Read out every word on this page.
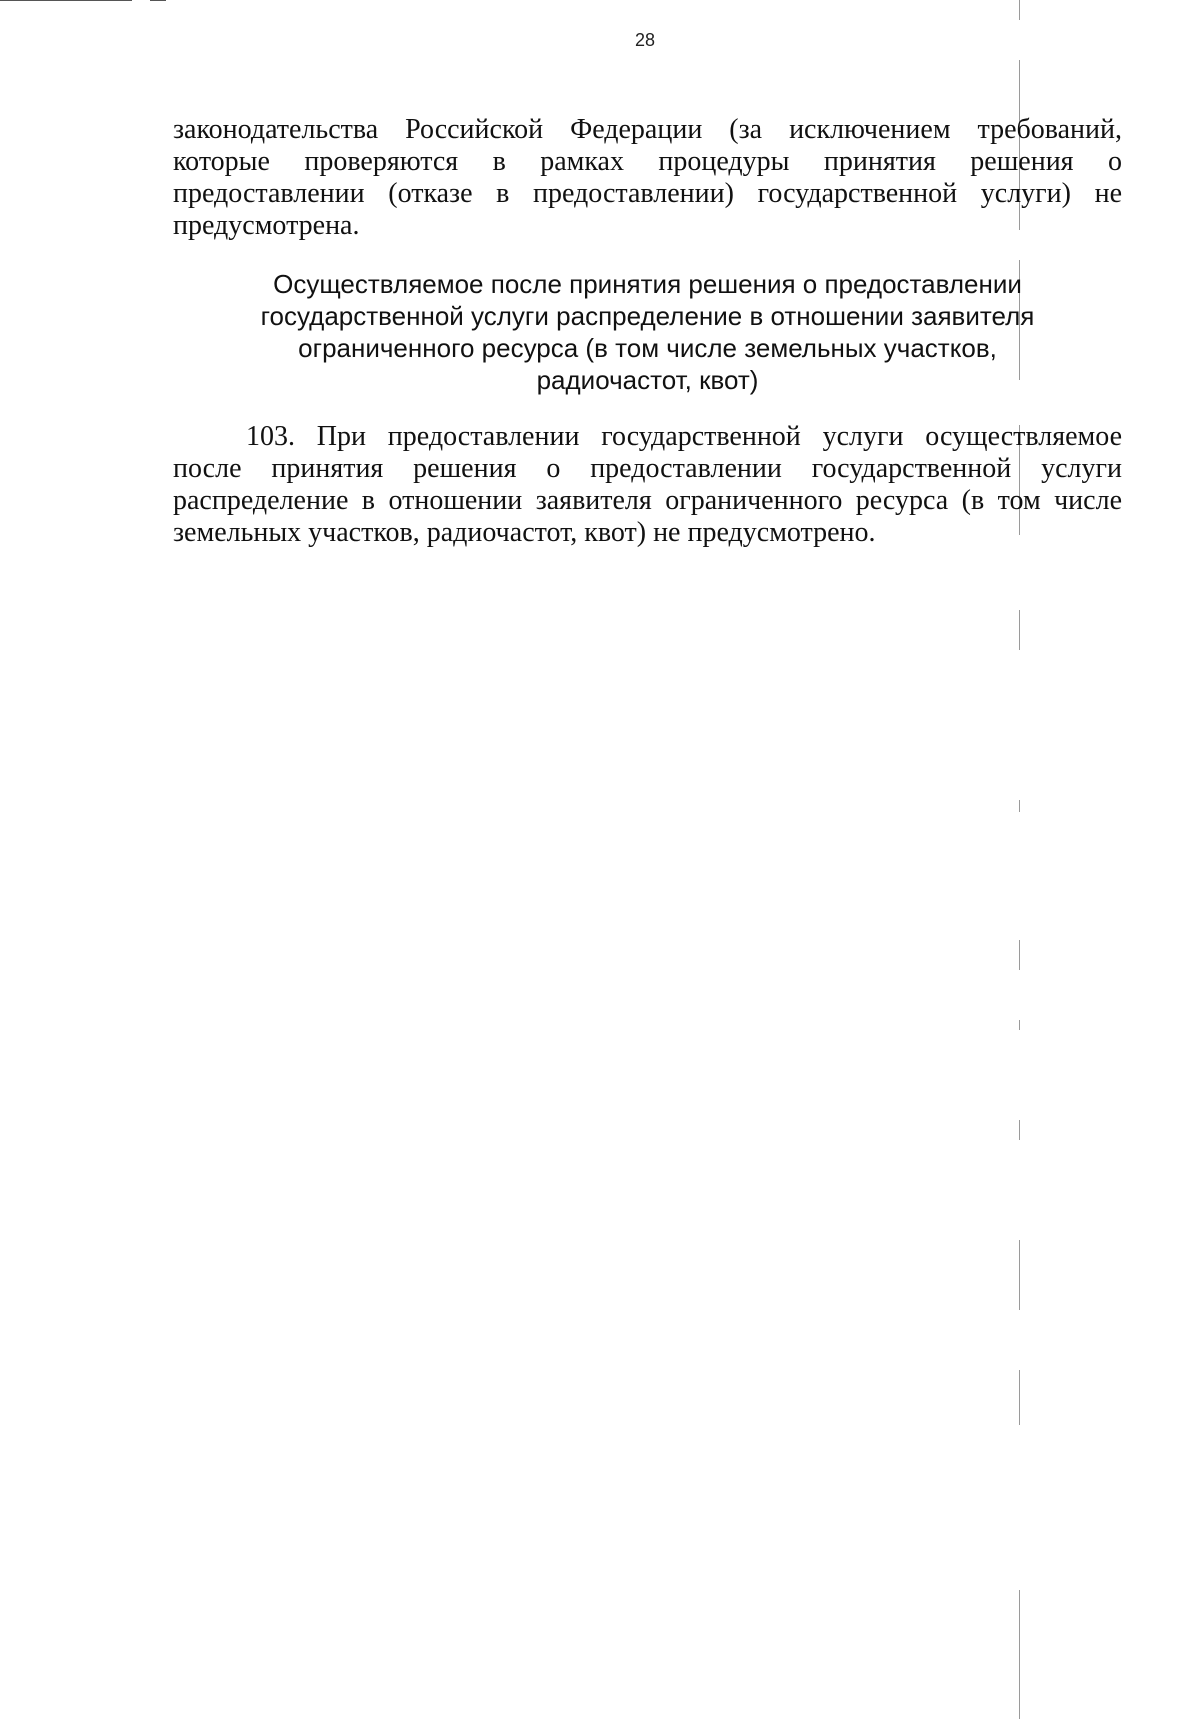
28

законодательства Российской Федерации (за исключением требований, которые проверяются в рамках процедуры принятия решения о предоставлении (отказе в предоставлении) государственной услуги) не предусмотрена.

Осуществляемое после принятия решения о предоставлении
государственной услуги распределение в отношении заявителя
ограниченного ресурса (в том числе земельных участков,
радиочастот, квот)

103. При предоставлении государственной услуги осуществляемое после принятия решения о предоставлении государственной услуги распределение в отношении заявителя ограниченного ресурса (в том числе земельных участков, радиочастот, квот) не предусмотрено.
